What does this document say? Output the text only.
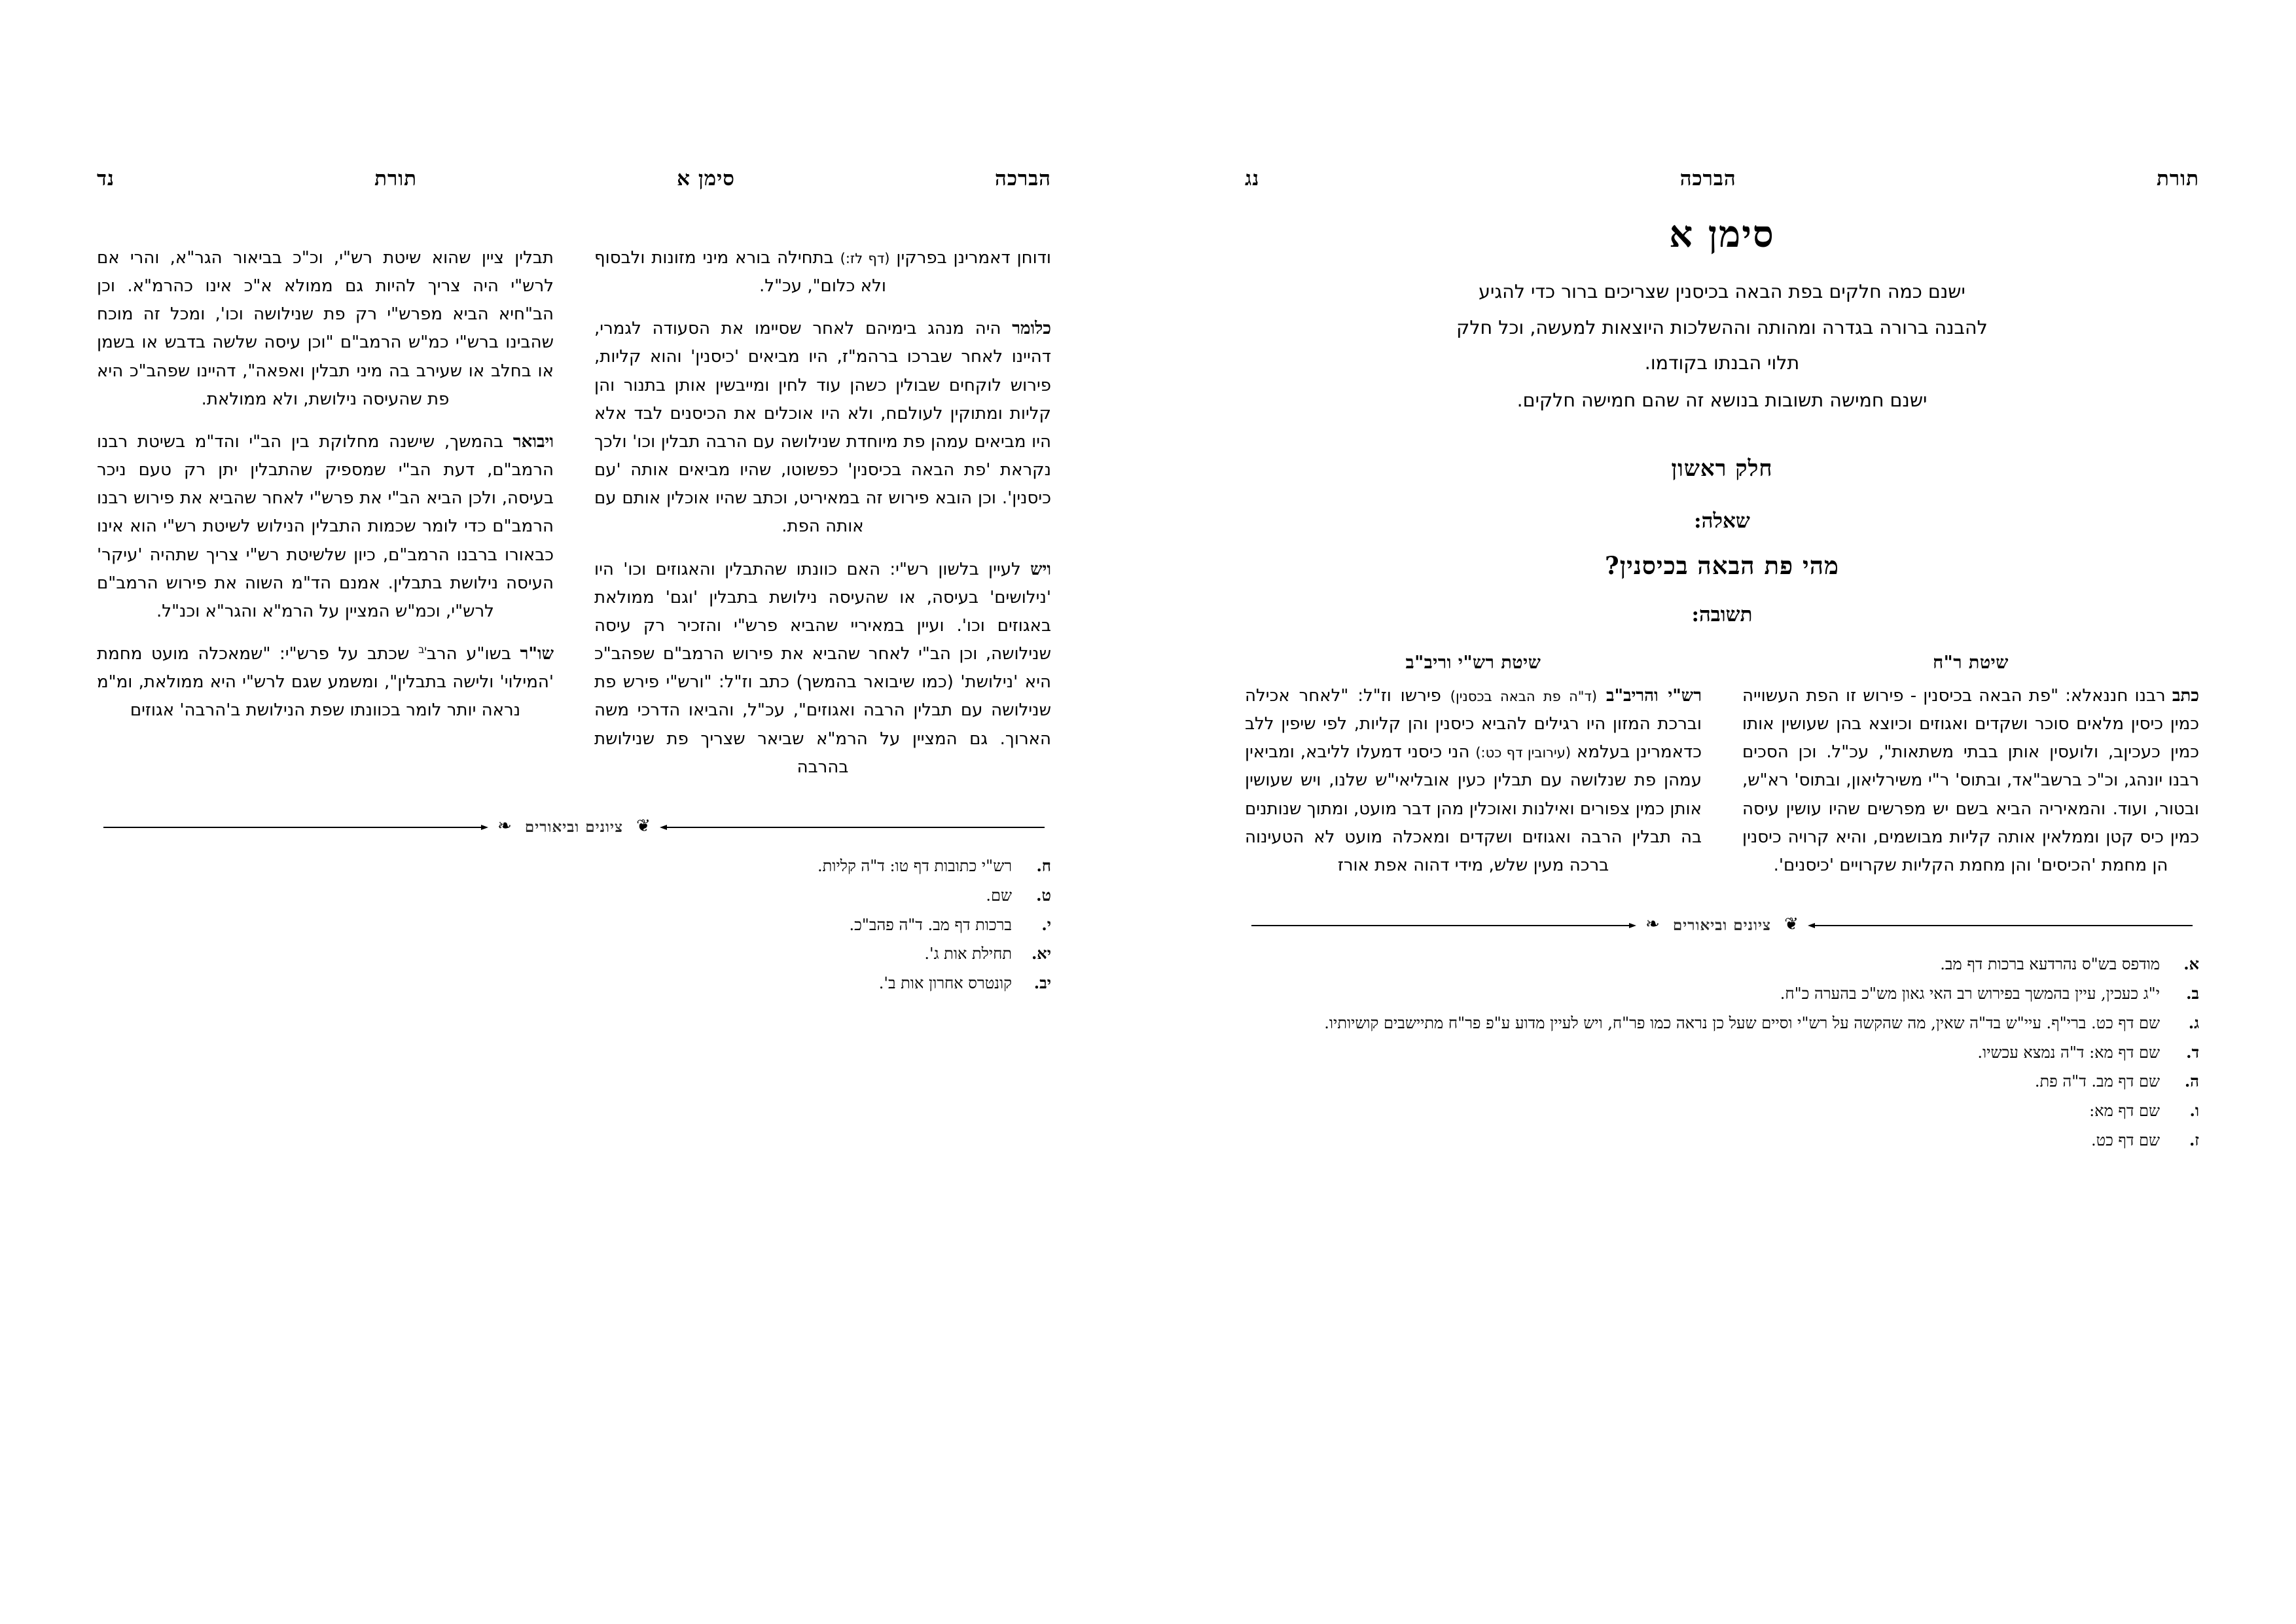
תורת
הברכה
נג
סימן א

ישנם כמה חלקים בפת הבאה בכיסנין שצריכים ברור כדי להגיע

להבנה ברורה בגדרה ומהותה וההשלכות היוצאות למעשה, וכל חלק

תלוי הבנתו בקודמו.

ישנם חמישה תשובות בנושא זה שהם חמישה חלקים.

חלק ראשון
שאלה:
מהי פת הבאה בכיסנין?
תשובה:
שיטת ר"ח

כתב רבנו חננאלא: "פת הבאה בכיסנין - פירוש זו הפת העשוייה כמין כיסין מלאים סוכר ושקדים ואגוזים וכיוצא בהן שעושין אותו כמין כעכיןב, ולועסין אותן בבתי משתאות", עכ"ל. וכן הסכים רבנו יונהג, וכ"כ ברשב"אד, ובתוס' ר"י משירליאון, ובתוס' רא"ש, ובטור, ועוד. והמאיריה הביא בשם יש מפרשים שהיו עושין עיסה כמין כיס קטן וממלאין אותה קליות מבושמים, והיא קרויה כיסנין הן מחמת 'הכיסים' והן מחמת הקליות שקרויים 'כיסנים'.

שיטת רש"י וריב"ב

רש"י והריב"ב (ד"ה פת הבאה בכסנין) פירשו וז"ל: "לאחר אכילה וברכת המזון היו רגילים להביא כיסנין והן קליות, לפי שיפין ללב כדאמרינן בעלמא (עירובין דף כט:) הני כיסני דמעלו לליבא, ומביאין עמהן פת שנלושה עם תבלין כעין אובליאי"ש שלנו, ויש שעושין אותן כמין צפורים ואילנות ואוכלין מהן דבר מועט, ומתוך שנותנים בה תבלין הרבה ואגוזים ושקדים ומאכלה מועט לא הטעינוה ברכה מעין שלש, מידי דהוה אפת אורז

❦
ציונים וביאורים
❧
א.
מודפס בש"ס נהרדעא ברכות דף מב.
ב.
י"ג כעכין, עיין בהמשך בפירוש רב האי גאון מש"כ בהערה כ"ח.
ג.
שם דף כט. ברי"ף. עיי"ש בד"ה שאין, מה שהקשה על רש"י וסיים שעל כן נראה כמו פר"ח, ויש לעיין מדוע ע"פ פר"ח מתיישבים קושיותיו.
ד.
שם דף מא: ד"ה נמצא עכשיו.
ה.
שם דף מב. ד"ה פת.
ו.
שם דף מא:
ז.
שם דף כט.
הברכה
סימן א
תורת
נד

ודוחן דאמרינן בפרקין (דף לז:) בתחילה בורא מיני מזונות ולבסוף ולא כלום", עכ"ל.

כלומר היה מנהג בימיהם לאחר שסיימו את הסעודה לגמרי, דהיינו לאחר שברכו ברהמ"ז, היו מביאים 'כיסנין' והוא קליות, פירוש לוקחים שבולין כשהן עוד לחין ומייבשין אותן בתנור והן קליות ומתוקין לעולםח, ולא היו אוכלים את הכיסנים לבד אלא היו מביאים עמהן פת מיוחדת שנילושה עם הרבה תבלין וכו' ולכך נקראת 'פת הבאה בכיסנין' כפשוטו, שהיו מביאים אותה 'עם כיסנין'. וכן הובא פירוש זה במאיריט, וכתב שהיו אוכלין אותם עם אותה הפת.

ויש לעיין בלשון רש"י: האם כוונתו שהתבלין והאגוזים וכו' היו 'נילושים' בעיסה, או שהעיסה נילושת בתבלין 'וגם' ממולאת באגוזים וכו'. ועיין במאיריי שהביא פרש"י והזכיר רק עיסה שנילושה, וכן הב"י לאחר שהביא את פירוש הרמב"ם שפהב"כ היא 'נילושת' (כמו שיבואר בהמשך) כתב וז"ל: "ורש"י פירש פת שנילושה עם תבלין הרבה ואגוזים", עכ"ל, והביאו הדרכי משה הארוך. גם המציין על הרמ"א שביאר שצריך פת שנילושת בהרבה

תבלין ציין שהוא שיטת רש"י, וכ"כ בביאור הגר"א, והרי אם לרש"י היה צריך להיות גם ממולא א"כ אינו כהרמ"א. וכן הב"חיא הביא מפרש"י רק פת שנילושה וכו', ומכל זה מוכח שהבינו ברש"י כמ"ש הרמב"ם "וכן עיסה שלשה בדבש או בשמן או בחלב או שעירב בה מיני תבלין ואפאה", דהיינו שפהב"כ היא פת שהעיסה נילושת, ולא ממולאת.

ויבואר בהמשך, שישנה מחלוקת בין הב"י והד"מ בשיטת רבנו הרמב"ם, דעת הב"י שמספיק שהתבלין יתן רק טעם ניכר בעיסה, ולכן הביא הב"י את פרש"י לאחר שהביא את פירוש רבנו הרמב"ם כדי לומר שכמות התבלין הנילוש לשיטת רש"י הוא אינו כבאורו ברבנו הרמב"ם, כיון שלשיטת רש"י צריך שתהיה 'עיקר' העיסה נילושת בתבלין. אמנם הד"מ השוה את פירוש הרמב"ם לרש"י, וכמ"ש המציין על הרמ"א והגר"א וכנ"ל.

שו"ר בשו"ע הרב$^{יב}$ שכתב על פרש"י: "שמאכלה מועט מחמת 'המילוי' ולישה בתבלין", ומשמע שגם לרש"י היא ממולאת, ומ"מ נראה יותר לומר בכוונתו שפת הנילושת ב'הרבה' אגוזים

❦
ציונים וביאורים
❧
ח.
רש"י כתובות דף טו: ד"ה קליות.
ט.
שם.
י.
ברכות דף מב. ד"ה פהב"כ.
יא.
תחילת אות ג'.
יב.
קונטרס אחרון אות ב'.
